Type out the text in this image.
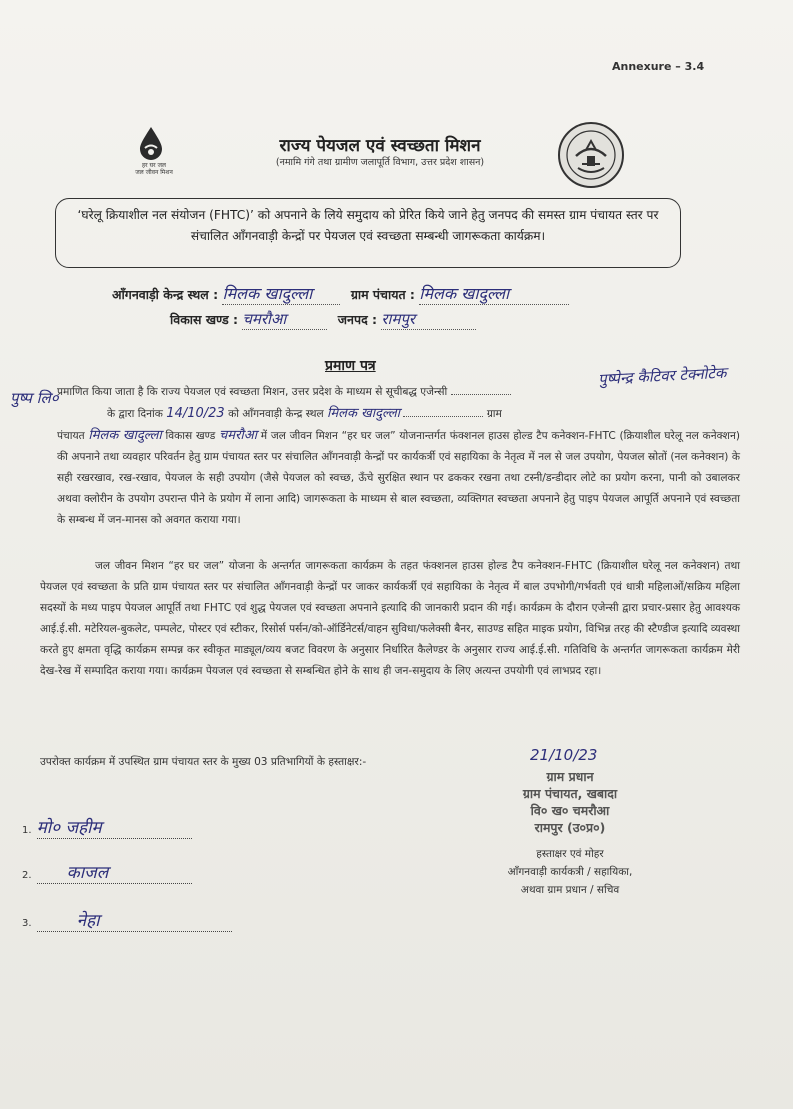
Annexure – 3.4
हर घर जल
जल जीवन मिशन
राज्य पेयजल एवं स्वच्छता मिशन
(नमामि गंगे तथा ग्रामीण जलापूर्ति विभाग, उत्तर प्रदेश शासन)

‘घरेलू क्रियाशील नल संयोजन (FHTC)’ को अपनाने के लिये समुदाय को प्रेरित किये जाने हेतु जनपद की समस्त ग्राम पंचायत स्तर पर संचालित आँगनवाड़ी केन्द्रों पर पेयजल एवं स्वच्छता सम्बन्धी जागरूकता कार्यक्रम।

आँगनवाड़ी केन्द्र स्थल : मिलक खादुल्ला	ग्राम पंचायत : मिलक खादुल्ला
विकास खण्ड : चमरौआ	जनपद : रामपुर
प्रमाण पत्र
पुष्प लि०
पुष्पेन्द्र कैटिवर टेक्नोटेक
प्रमाणित किया जाता है कि राज्य पेयजल एवं स्वच्छता मिशन, उत्तर प्रदेश के माध्यम से सूचीबद्ध एजेन्सी
के द्वारा दिनांक 14/10/23 को आँगनवाड़ी केन्द्र स्थल मिलक खादुल्ला	ग्राम
पंचायत मिलक खादुल्ला विकास खण्ड चमरौआ में जल जीवन मिशन “हर घर जल” योजनान्तर्गत फंक्शनल हाउस होल्ड टैप कनेक्शन-FHTC (क्रियाशील घरेलू नल कनेक्शन) की अपनाने तथा व्यवहार परिवर्तन हेतु ग्राम पंचायत स्तर पर संचालित आँगनवाड़ी केन्द्रों पर कार्यकर्त्री एवं सहायिका के नेतृत्व में नल से जल उपयोग, पेयजल स्रोतों (नल कनेक्शन) के सही रखरखाव, रख-रखाव, पेयजल के सही उपयोग (जैसे पेयजल को स्वच्छ, ऊँचे सुरक्षित स्थान पर ढककर रखना तथा टस्नी/डन्डीदार लोटे का प्रयोग करना, पानी को उबालकर अथवा क्लोरीन के उपयोग उपरान्त पीने के प्रयोग में लाना आदि) जागरूकता के माध्यम से बाल स्वच्छता, व्यक्तिगत स्वच्छता अपनाने हेतु पाइप पेयजल आपूर्ति अपनाने एवं स्वच्छता के सम्बन्ध में जन-मानस को अवगत कराया गया।
जल जीवन मिशन “हर घर जल” योजना के अन्तर्गत जागरूकता कार्यक्रम के तहत फंक्शनल हाउस होल्ड टैप कनेक्शन-FHTC (क्रियाशील घरेलू नल कनेक्शन) तथा पेयजल एवं स्वच्छता के प्रति ग्राम पंचायत स्तर पर संचालित आँगनवाड़ी केन्द्रों पर जाकर कार्यकर्त्री एवं सहायिका के नेतृत्व में बाल उपभोगी/गर्भवती एवं धात्री महिलाओं/सक्रिय महिला सदस्यों के मध्य पाइप पेयजल आपूर्ति तथा FHTC एवं शुद्ध पेयजल एवं स्वच्छता अपनाने इत्यादि की जानकारी प्रदान की गई। कार्यक्रम के दौरान एजेन्सी द्वारा प्रचार-प्रसार हेतु आवश्यक आई.ई.सी. मटेरियल-बुकलेट, पम्पलेट, पोस्टर एवं स्टीकर, रिसोर्स पर्सन/को-ऑर्डिनेटर्स/वाहन सुविधा/फलेक्सी बैनर, साउण्ड सहित माइक प्रयोग, विभिन्न तरह की स्टैण्डीज इत्यादि व्यवस्था करते हुए क्षमता वृद्धि कार्यक्रम सम्पन्न कर स्वीकृत माड्यूल/व्यय बजट विवरण के अनुसार निर्धारित कैलेण्डर के अनुसार राज्य आई.ई.सी. गतिविधि के अन्तर्गत जागरूकता कार्यक्रम मेरी देख-रेख में सम्पादित कराया गया। कार्यक्रम पेयजल एवं स्वच्छता से सम्बन्धित होने के साथ ही जन-समुदाय के लिए अत्यन्त उपयोगी एवं लाभप्रद रहा।
उपरोक्त कार्यक्रम में उपस्थित ग्राम पंचायत स्तर के मुख्य 03 प्रतिभागियों के हस्ताक्षर:-
1. मो० जहीम
2. काजल
3.	नेहा
21/10/23
ग्राम प्रधान
ग्राम पंचायत, खबादा
वि० ख० चमरौआ
रामपुर (उ०प्र०)
हस्ताक्षर एवं मोहर
आँगनवाड़ी कार्यकत्री / सहायिका,
अथवा ग्राम प्रधान / सचिव
